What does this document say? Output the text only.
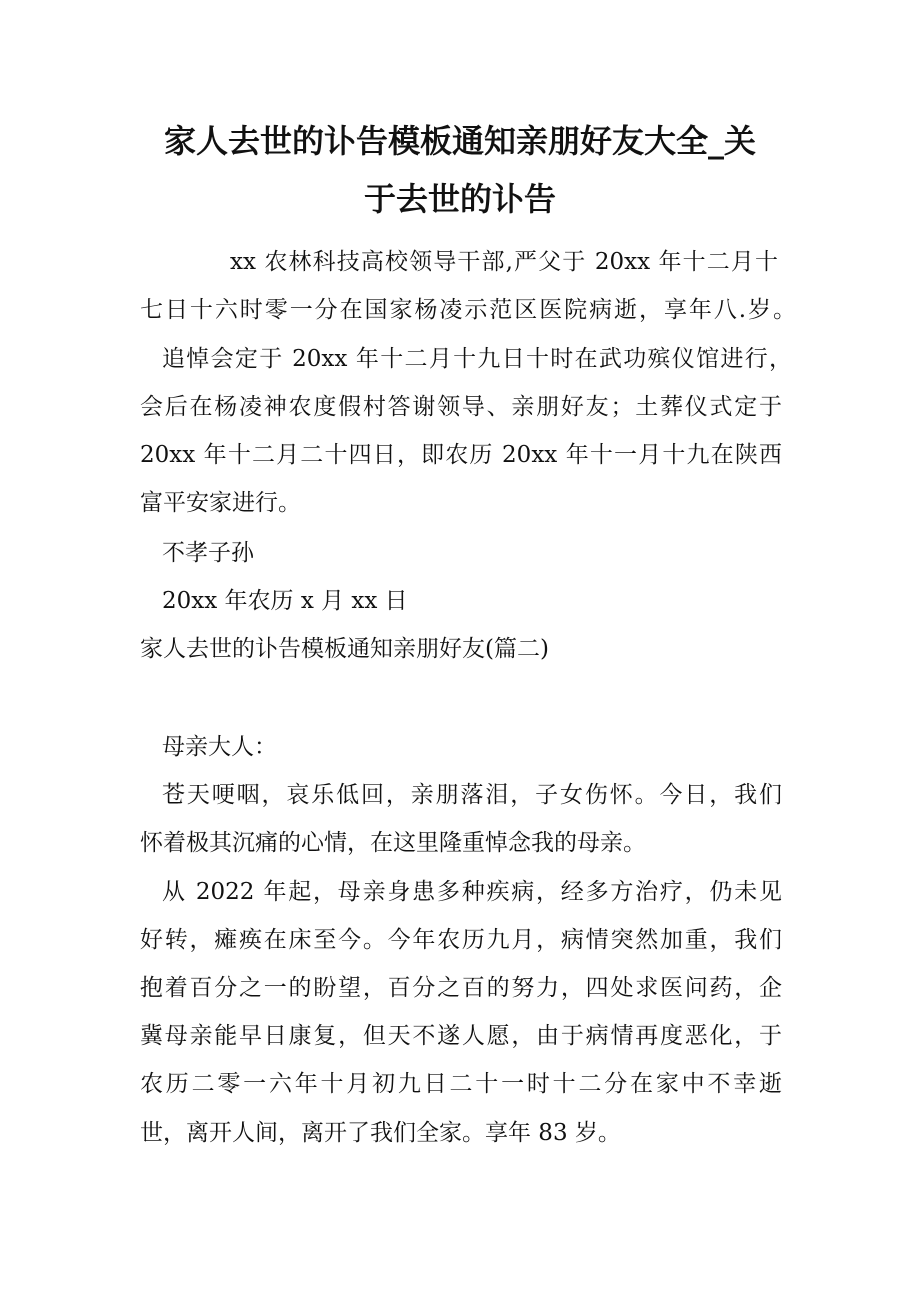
家人去世的讣告模板通知亲朋好友大全_关
于去世的讣告
xx 农林科技高校领导干部,严父于 20xx 年十二月十
七日十六时零一分在国家杨凌示范区医院病逝，享年八.岁。
追悼会定于 20xx 年十二月十九日十时在武功殡仪馆进行，
会后在杨凌神农度假村答谢领导、亲朋好友；土葬仪式定于
20xx 年十二月二十四日，即农历 20xx 年十一月十九在陕西
富平安家进行。
不孝子孙
20xx 年农历 x 月 xx 日
家人去世的讣告模板通知亲朋好友(篇二)
母亲大人：
苍天哽咽，哀乐低回，亲朋落泪，子女伤怀。今日，我们
怀着极其沉痛的心情，在这里隆重悼念我的母亲。
从 2022 年起，母亲身患多种疾病，经多方治疗，仍未见
好转，瘫痪在床至今。今年农历九月，病情突然加重，我们
抱着百分之一的盼望，百分之百的努力，四处求医问药，企
冀母亲能早日康复，但天不遂人愿，由于病情再度恶化，于
农历二零一六年十月初九日二十一时十二分在家中不幸逝
世，离开人间，离开了我们全家。享年 83 岁。
